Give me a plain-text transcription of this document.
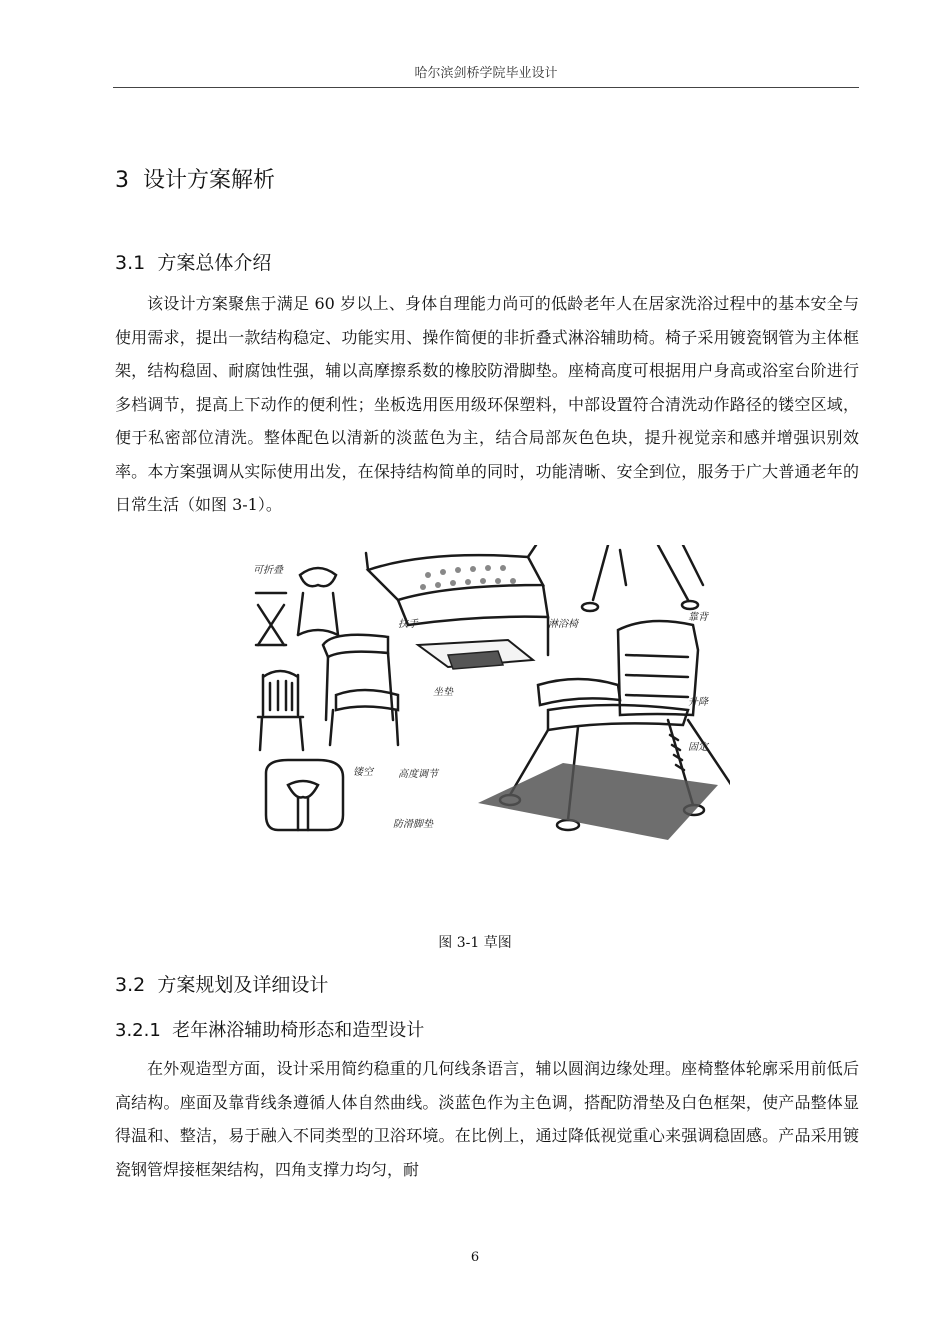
哈尔滨剑桥学院毕业设计
3 设计方案解析
3.1 方案总体介绍

该设计方案聚焦于满足 60 岁以上、身体自理能力尚可的低龄老年人在居家洗浴过程中的基本安全与使用需求，提出一款结构稳定、功能实用、操作简便的非折叠式淋浴辅助椅。椅子采用镀瓷钢管为主体框架，结构稳固、耐腐蚀性强，辅以高摩擦系数的橡胶防滑脚垫。座椅高度可根据用户身高或浴室台阶进行多档调节，提高上下动作的便利性；坐板选用医用级环保塑料，中部设置符合清洗动作路径的镂空区域，便于私密部位清洗。整体配色以清新的淡蓝色为主，结合局部灰色色块，提升视觉亲和感并增强识别效率。本方案强调从实际使用出发，在保持结构简单的同时，功能清晰、安全到位，服务于广大普通老年的日常生活（如图 3-1）。

可折叠
扶手	淋浴椅
靠背
坐垫
升降
固定
高度调节
镂空
防滑脚垫
图 3-1 草图
3.2 方案规划及详细设计
3.2.1 老年淋浴辅助椅形态和造型设计

在外观造型方面，设计采用简约稳重的几何线条语言，辅以圆润边缘处理。座椅整体轮廓采用前低后高结构。座面及靠背线条遵循人体自然曲线。淡蓝色作为主色调，搭配防滑垫及白色框架，使产品整体显得温和、整洁，易于融入不同类型的卫浴环境。在比例上，通过降低视觉重心来强调稳固感。产品采用镀瓷钢管焊接框架结构，四角支撑力均匀，耐

6
